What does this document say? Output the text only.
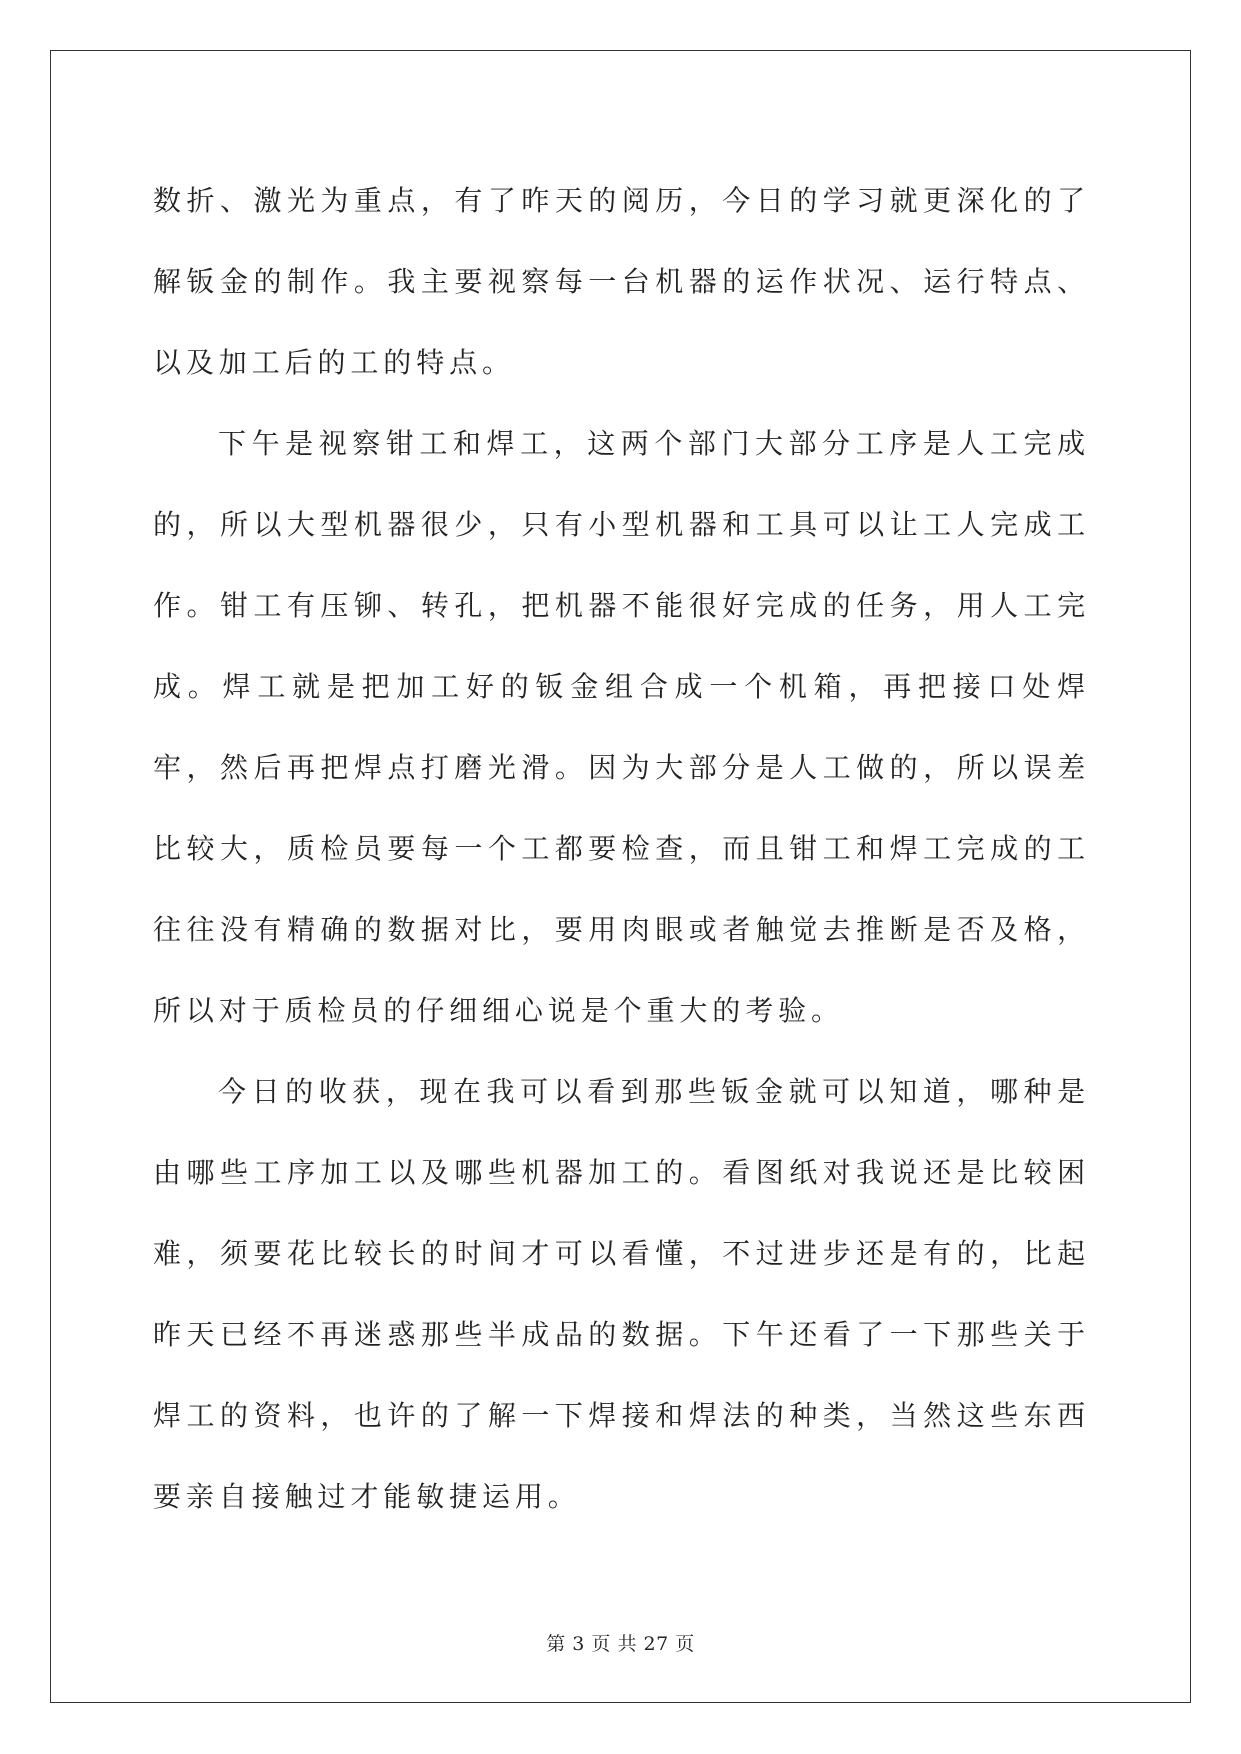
数折、激光为重点，有了昨天的阅历，今日的学习就更深化的了解钣金的制作。我主要视察每一台机器的运作状况、运行特点、以及加工后的工的特点。

下午是视察钳工和焊工，这两个部门大部分工序是人工完成的，所以大型机器很少，只有小型机器和工具可以让工人完成工作。钳工有压铆、转孔，把机器不能很好完成的任务，用人工完成。焊工就是把加工好的钣金组合成一个机箱，再把接口处焊牢，然后再把焊点打磨光滑。因为大部分是人工做的，所以误差比较大，质检员要每一个工都要检查，而且钳工和焊工完成的工往往没有精确的数据对比，要用肉眼或者触觉去推断是否及格，所以对于质检员的仔细细心说是个重大的考验。

今日的收获，现在我可以看到那些钣金就可以知道，哪种是由哪些工序加工以及哪些机器加工的。看图纸对我说还是比较困难，须要花比较长的时间才可以看懂，不过进步还是有的，比起昨天已经不再迷惑那些半成品的数据。下午还看了一下那些关于焊工的资料，也许的了解一下焊接和焊法的种类，当然这些东西要亲自接触过才能敏捷运用。

第 3 页 共 27 页
